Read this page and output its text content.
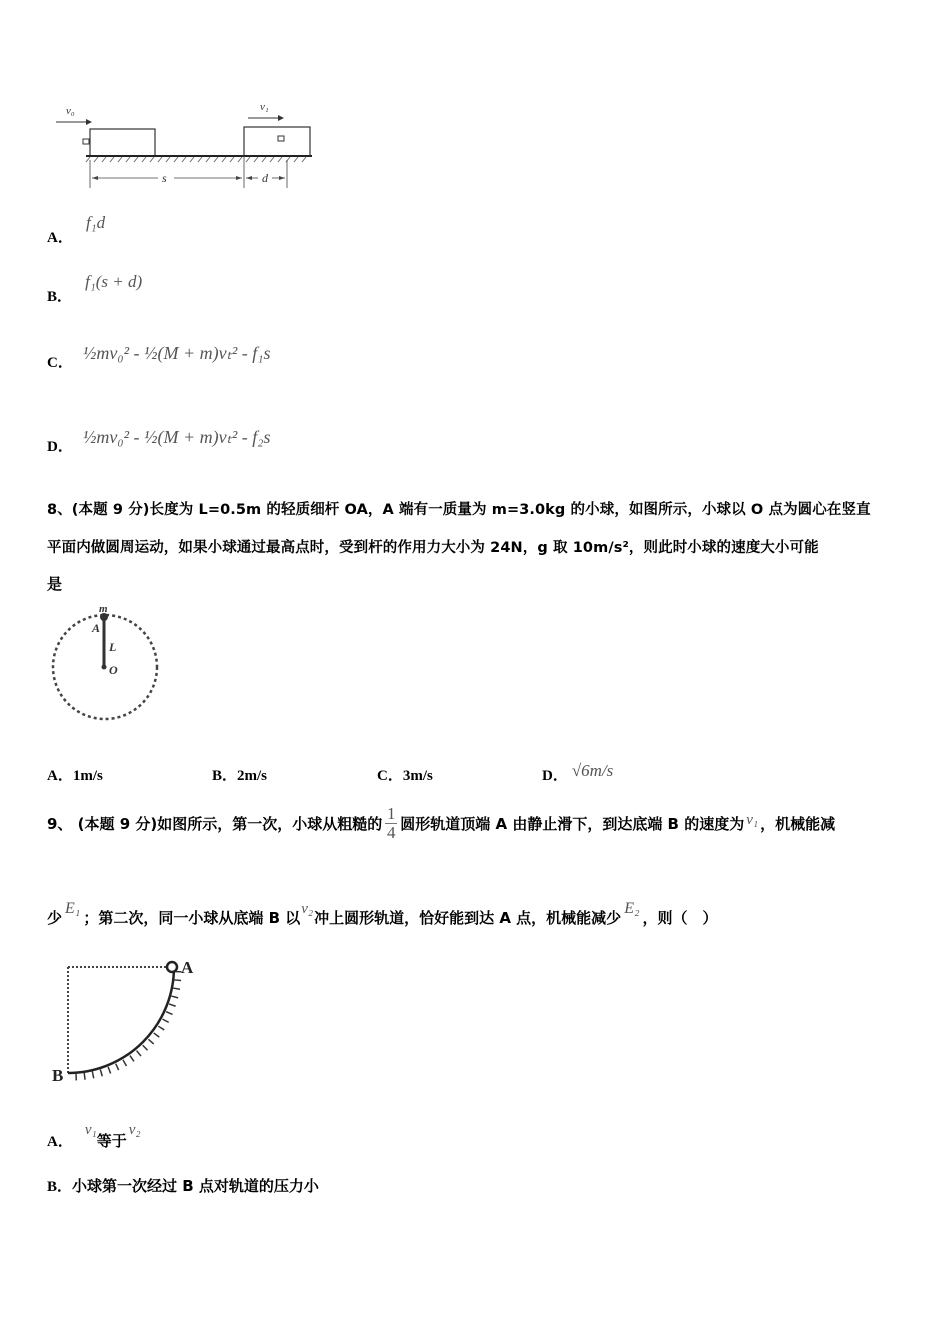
v₀	v₁
s	d
A． f₁d
B． f₁(s + d)
C． ½mv₀² - ½(M + m)vₜ² - f₁s
D． ½mv₀² - ½(M + m)vₜ² - f₂s
8、(本题 9 分)长度为 L=0.5m 的轻质细杆 OA，A 端有一质量为 m=3.0kg 的小球，如图所示，小球以 O 点为圆心在竖直
平面内做圆周运动，如果小球通过最高点时，受到杆的作用力大小为 24N，g 取 10m/s²，则此时小球的速度大小可能
是
m
A
L
O
A．1m/s	B．2m/s	C．3m/s	D． √6m/s
9、 (本题 9 分)如图所示，第一次，小球从粗糙的 $\frac{1}{4}$ 圆形轨道顶端 A 由静止滑下，到达底端 B 的速度为 v₁ ，机械能减
少 E₁ ；第二次，同一小球从底端 B 以 v₂ 冲上圆形轨道，恰好能到达 A 点，机械能减少 E₂ ，则（　）
A
B
A．
v₁
等于
v₂
B．小球第一次经过 B 点对轨道的压力小
